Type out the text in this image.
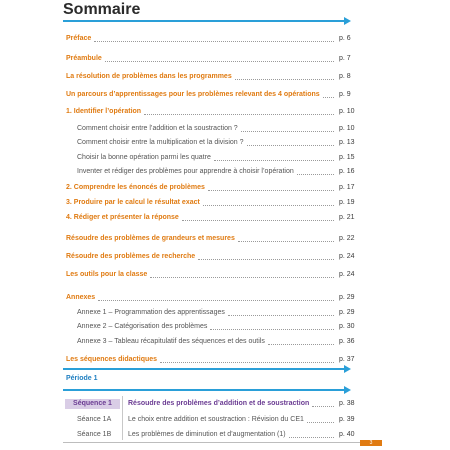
Sommaire
Préface	p. 6
Préambule	p. 7
La résolution de problèmes dans les programmes	p. 8
Un parcours d’apprentissages pour les problèmes relevant des 4 opérations	p. 9
1. Identifier l’opération	p. 10
Comment choisir entre l’addition et la soustraction ?	p. 10
Comment choisir entre la multiplication et la division ?	p. 13
Choisir la bonne opération parmi les quatre	p. 15
Inventer et rédiger des problèmes pour apprendre à choisir l’opération	p. 16
2. Comprendre les énoncés de problèmes	p. 17
3. Produire par le calcul le résultat exact	p. 19
4. Rédiger et présenter la réponse	p. 21
Résoudre des problèmes de grandeurs et mesures	p. 22
Résoudre des problèmes de recherche	p. 24
Les outils pour la classe	p. 24
Annexes	p. 29
Annexe 1 – Programmation des apprentissages	p. 29
Annexe 2 – Catégorisation des problèmes	p. 30
Annexe 3 – Tableau récapitulatif des séquences et des outils	p. 36
Les séquences didactiques	p. 37
Période 1
Séquence 1	Résoudre des problèmes d’addition et de soustraction	p. 38
Séance 1A Le choix entre addition et soustraction : Révision du CE1	p. 39
Séance 1B Les problèmes de diminution et d’augmentation (1)	p. 40
3
